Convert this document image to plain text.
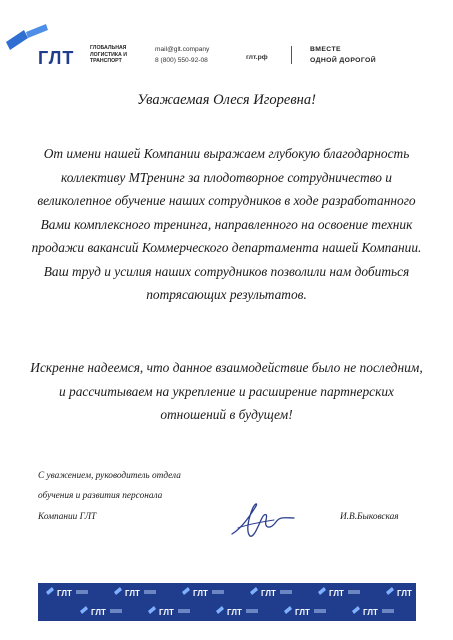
ГЛТ	ГЛОБАЛЬНАЯ
ЛОГИСТИКА И
ТРАНСПОРТ
mail@glt.company
8 (800) 550-92-08	глт.рф
ВМЕСТЕ
ОДНОЙ ДОРОГОЙ
Уважаемая Олеся Игоревна!
От имени нашей Компании выражаем глубокую благодарность коллективу МТренинг за плодотворное сотрудничество и великолепное обучение наших сотрудников в ходе разработанного Вами комплексного тренинга, направленного на освоение техник продажи вакансий Коммерческого департамента нашей Компании. Ваш труд и усилия наших сотрудников позволили нам добиться потрясающих результатов.
Искренне надеемся, что данное взаимодействие было не последним, и рассчитываем на укрепление и расширение партнерских отношений в будущем!
С уважением, руководитель отдела
обучения и развития персонала
Компании ГЛТ	И.В.Быковская
ГЛТ	ГЛТ	ГЛТ	ГЛТ	ГЛТ	ГЛТ
ГЛТ	ГЛТ	ГЛТ	ГЛТ	ГЛТ
